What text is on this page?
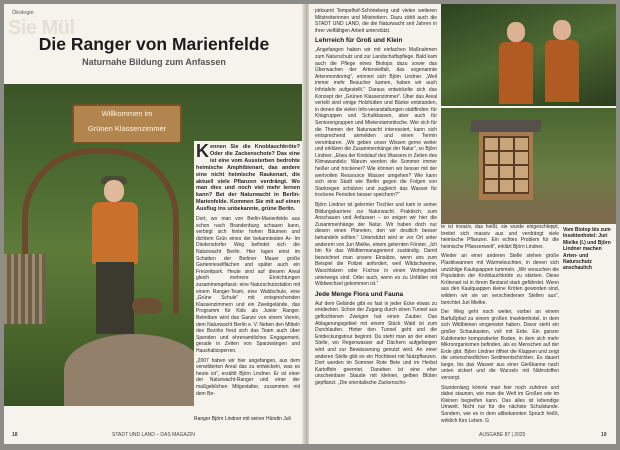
Ökologie
Sie Mül
Die Ranger von Marienfelde
Naturnahe Bildung zum Anfassen
Willkommen im
Grünen Klassenzimmer

Kennen Sie die Knoblauchkröte? Oder die Zackenschote? Das eine ist eine vom Aussterben bedrohte heimische Amphibienart, das andere eine nicht heimische Raukenart, die aktuell viele Pflanzen verdrängt. Wo man dies und noch viel mehr lernen kann? Bei der Naturwacht in Berlin-Marienfelde. Kommen Sie mit auf einen Ausflug ins unbekannte, grüne Berlin.

Dort, wo man von Berlin-Marienfelde aus schon nach Brandenburg schauen kann, verbirgt sich hinter hohen Bäumen und dichtem Grün eines der bekanntesten Ar- Im Diedersdorfer Weg befindet sich die Naturwacht Berlin. Hier lagen einst im Schatten der Berliner Mauer große Gartenrieselflächen und später auch ein Freizeitpark. Heute sind auf diesem Areal gleich mehrere Einrichtungen zusammengefasst: eine Naturschutzstation mit einem Ranger-Team, eine Waldschule, eine „Grüne Schule“ mit entsprechenden Klassenzimmern und ein Zweitgelände, das Programm für Kids als Junior Ranger. Betreiben wird das Ganze von einem Verein, dem Naturwacht Berlin e. V. Neben den Mitteln des Bezirks freut sich das Team auch über Spenden und ehrenamtliches Engagement, gerade in Zeiten von Sparzwängen und Haushaltssperren.

„2007 haben wir hier angefangen, aus dem verwilderten Areal das zu entwickeln, was es heute ist“, erzählt Björn Lindner. Er ist einer der Naturwacht-Ranger und einer der maßgeblichen Mitgestalter, zusammen mit dem Be-

Ranger Björn Lindner mit seiner Hündin Juli
18	STADT UND LAND – DAS MAGAZIN

pirksamt Tempelhof-Schöneberg und vielen weiteren Mitstreiterinnen und Mitstreitern. Dazu zählt auch die STADT UND LAND, die die Naturwacht seit Jahren in ihrer vielfältigen Arbeit unterstützt.

Lehrreich für Groß und Klein

„Angefangen haben wir mit einfachen Maßnahmen zum Naturschutz und zur Landschaftspflege. Bald kam auch die Pflege eines Biotops dazu sowie das Überwachen der Artenvielfalt, das sogenannte Artenmonitoring“, erinnert sich Björn Lindner. „Weil immer mehr Besucher kamen, haben wir auch Infotafeln aufgestellt.“ Daraus entwickelte sich das Konzept der „Grünen Klassenzimmer“. Über das Areal verteilt sind einige Holzhütten und Bänke entstanden, in denen die vielen Info-veranstaltungen stattfinden: für Kitagruppen und Schulklassen, aber auch für Seniorengruppen und Mieterstammtische. Wer sich für die Themen der Naturwacht interessiert, kann sich entsprechend anmelden und einen Termin vereinbaren. „Wir geben unser Wissen gerne weiter und erklären die Zusammenhänge der Natur“, so Björn Lindner. „Etwa der Kreislauf des Wassers in Zeiten des Klimawandels: Warum werden die Sommer immer heißer und trockener? Wie können wir besser mit der wertvollen Ressource Wasser umgehen? Wie kann sich eine Stadt wie Berlin gegen die Folgen von Starkregen schützen und zugleich das Wasser für trockene Perioden besser speichern?“

Björn Lindner ist gelernter Tischler und kam in seiner Bildungskarriere zur Naturwacht. Praktisch, zum Anschauen und Anfassen – so zeigen wir hier die Zusammenhänge der Natur. Wir haben doch nur diesen einen Planeten, den wir deutlich besser behandeln sollten.“ Unterstützt wird er vor Ort unter anderem von Juri Mielke, einem gelernten Förster. „Ich bin für das Wildtiermanagement zuständig. Damit bezeichnet man unsere Einsätze, wenn uns zum Beispiel die Polizei anfordert, weil Wildschweine, Waschbären oder Füchse in einen Wohngebiet unterwegs sind. Oder auch, wenn es zu Unfällen mit Wildwechsel gekommen ist.“

Jede Menge Flora und Fauna

Auf dem Gelände gibt es fast in jeder Ecke etwas zu entdecken. Schon der Zugang durch einen Tunnel aus geflochtenen Zweigen hat einen Zauber. Das Ablagerungsgebiet mit einem Stück Wald ist zum Durchlaufen. Hinter den Tunnel geht und die Entdeckungstour beginnt. Da steht man an der einen Stelle, wo Regenwasser auf Dächern aufgefangen wird und zur Bewässerung genutzt wird. An einer anderen Stelle gibt es ein Hochbeet mit Nutzpflanzen. Dort werden im Sommer Rote Bete und im Herbst Kartoffeln geerntet. Daneben ist eine eher unscheinbare Staude mit kleinen, gelben Blüten gepflanzt. „Die orientalische Zackenscho-

Vom Biotop bis zum Insektenhotel: Juri Mielke (l.) und Björn Lindner machen Arten- und Naturschutz anschaulich

te ist invasiv, das heißt, sie wurde eingeschleppt, breitet sich massiv aus und verdrängt viele heimische Pflanzen. Ein echtes Problem für die heimische Pflanzenwelt“, erklärt Björn Lindner.

Wieder an einer anderen Stelle stehen große Plastikwannen mit Wärmeleuchten, in denen sich unzählige Kaulquappen tummeln. „Wir versuchen die Population der Knoblauchkröte zu stärken. Diese Krötenart ist in ihrem Bestand stark gefährdet. Wenn aus den Kaulquappen kleine Kröten geworden sind, wildern wir sie an verschiedenen Stellen aus“, berichtet Juri Mielke.

Der Weg geht noch weiter, vorbei an einem Barfußpfad zu einem großen Insektenhotel, in dem sich Wildbienen eingenistet haben. Davor steht ein großer Schaukasten, voll mit Erde. Ein ganzer Kubikmeter kompostierter Boden, in dem sich mehr Mikroorganismen befinden, als es Menschen auf der Erde gibt. Björn Lindner öffnet die Klappen und zeigt die unterschiedlichen Sedimentschichten. Es dauert lange, bis das Wasser aus einer Gießkanne nach unten sickert und die Wurzeln mit Nährstoffen versorgt.

Stundenlang könnte man hier noch zuhören und dabei staunen, wie man die Welt im Großen wie im Kleinen begreifen kann. Das alles ist lebendige Umwelt. Nicht nur für die nächste Schulstunde. Sondern, wie es in dem altbekannten Spruch heißt, wirklich fürs Leben. G

AUSGABE 87 | 2025	19
